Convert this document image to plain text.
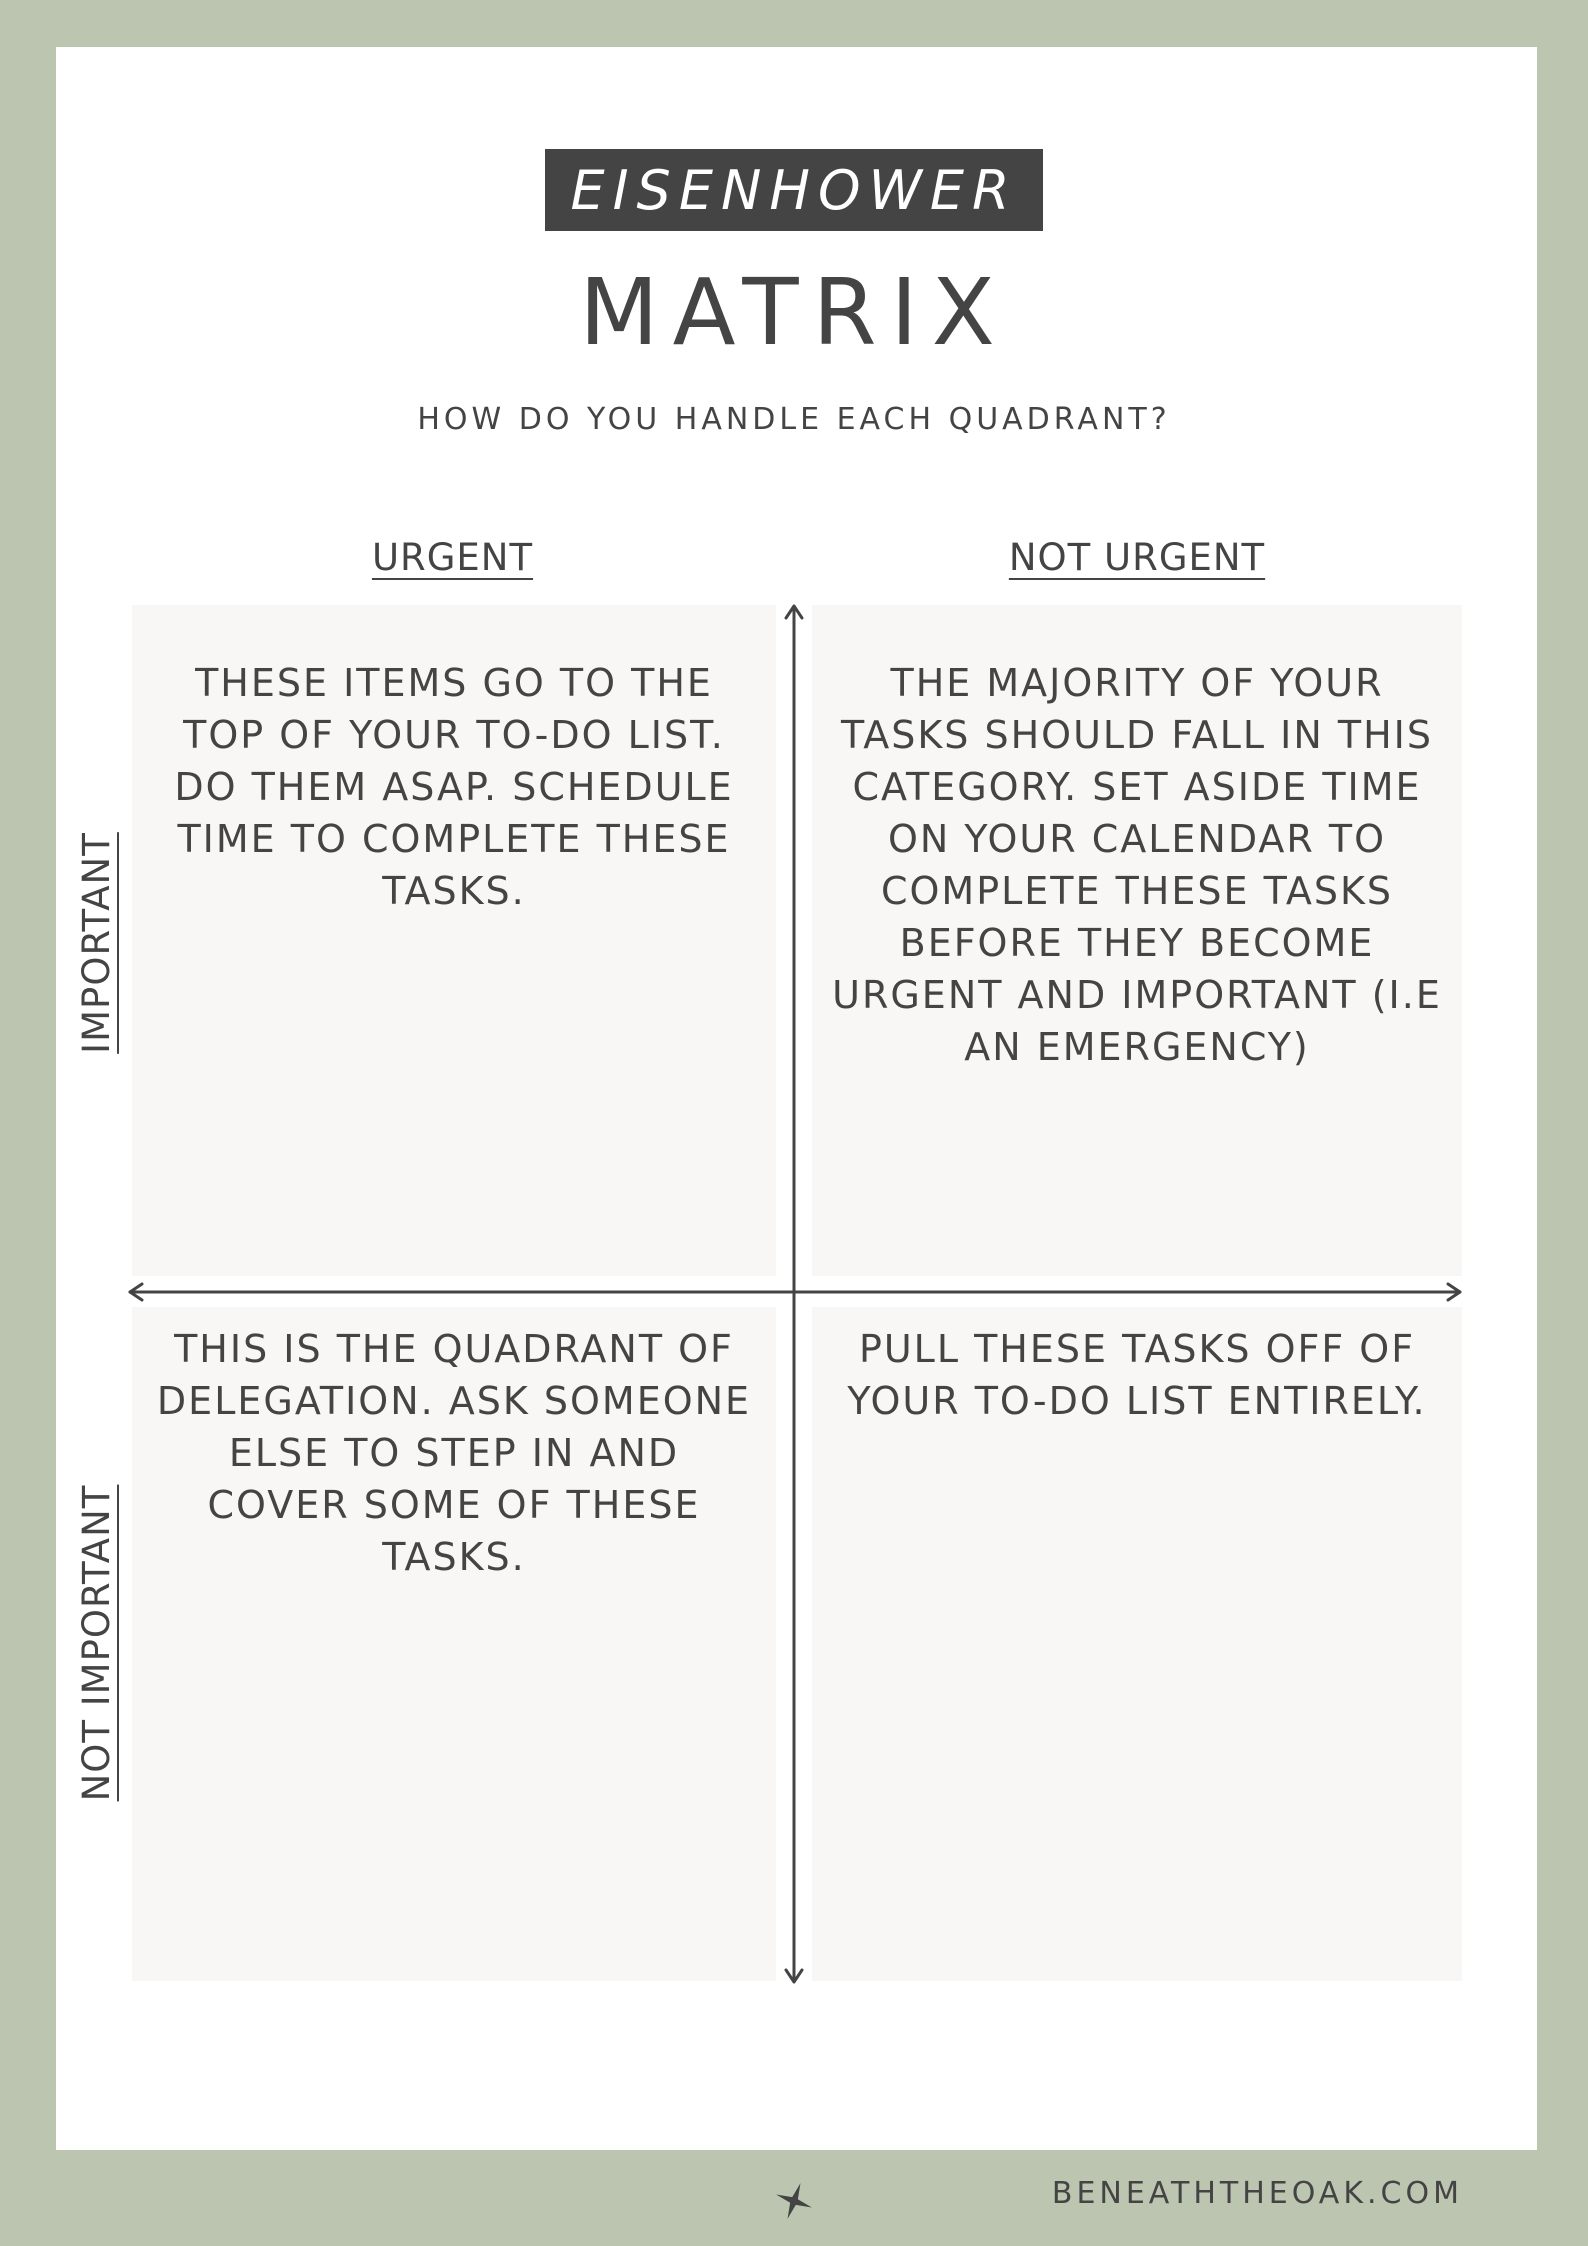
EISENHOWER
MATRIX
HOW DO YOU HANDLE EACH QUADRANT?
URGENT	NOT URGENT
IMPORTANT
NOT IMPORTANT
THESE ITEMS GO TO THE TOP OF YOUR TO-DO LIST. DO THEM ASAP. SCHEDULE TIME TO COMPLETE THESE TASKS.
THE MAJORITY OF YOUR TASKS SHOULD FALL IN THIS CATEGORY. SET ASIDE TIME ON YOUR CALENDAR TO COMPLETE THESE TASKS BEFORE THEY BECOME URGENT AND IMPORTANT (I.E AN EMERGENCY)
THIS IS THE QUADRANT OF DELEGATION. ASK SOMEONE ELSE TO STEP IN AND COVER SOME OF THESE TASKS.
PULL THESE TASKS OFF OF YOUR TO-DO LIST ENTIRELY.
BENEATHTHEOAK.COM
